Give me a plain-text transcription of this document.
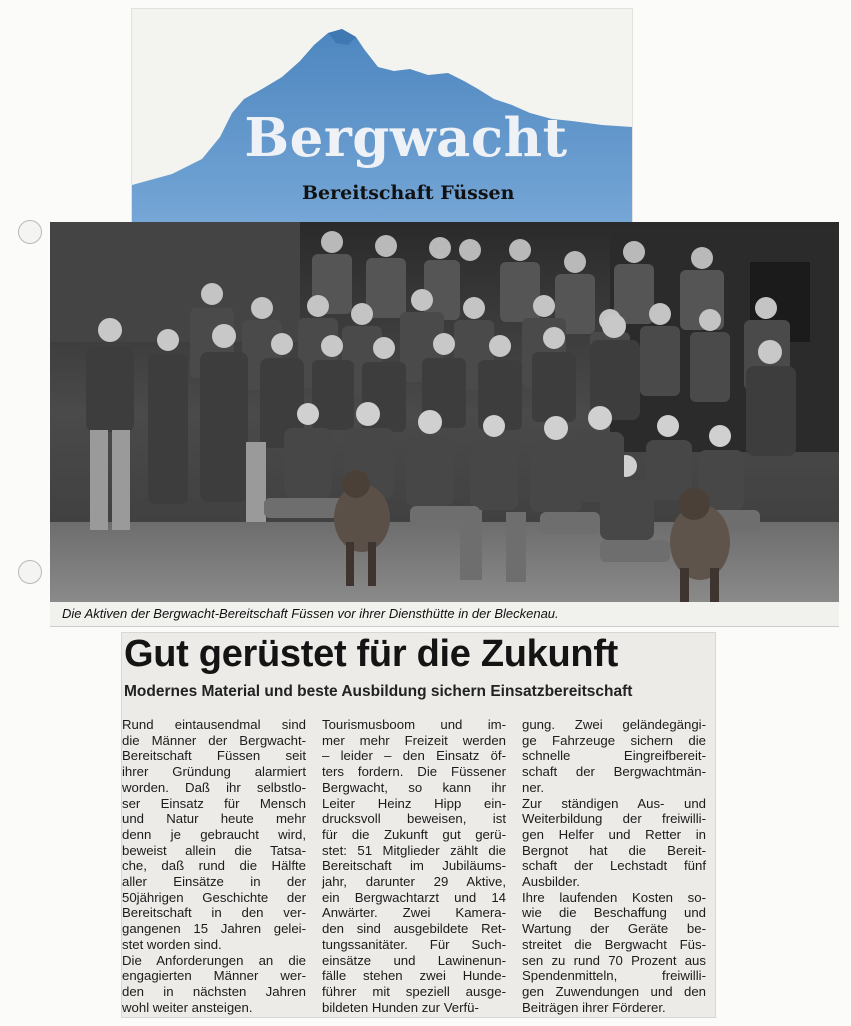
Bergwacht
Bereitschaft Füssen
Die Aktiven der Bergwacht-Bereitschaft Füssen vor ihrer Diensthütte in der Bleckenau.
Gut gerüstet für die Zukunft
Modernes Material und beste Ausbildung sichern Einsatzbereitschaft

Rund eintausendmal sind
die Männer der Bergwacht-
Bereitschaft Füssen seit
ihrer Gründung alarmiert
worden. Daß ihr selbstlo-
ser Einsatz für Mensch
und Natur heute mehr
denn je gebraucht wird,
beweist allein die Tatsa-
che, daß rund die Hälfte
aller Einsätze in der
50jährigen Geschichte der
Bereitschaft in den ver-
gangenen 15 Jahren gelei-
stet worden sind.

Die Anforderungen an die
engagierten Männer wer-
den in nächsten Jahren
wohl weiter ansteigen.

Tourismusboom und im-
mer mehr Freizeit werden
– leider – den Einsatz öf-
ters fordern. Die Füssener
Bergwacht, so kann ihr
Leiter Heinz Hipp ein-
drucksvoll beweisen, ist
für die Zukunft gut gerü-
stet: 51 Mitglieder zählt die
Bereitschaft im Jubiläums-
jahr, darunter 29 Aktive,
ein Bergwachtarzt und 14
Anwärter. Zwei Kamera-
den sind ausgebildete Ret-
tungssanitäter. Für Such-
einsätze und Lawinenun-
fälle stehen zwei Hunde-
führer mit speziell ausge-
bildeten Hunden zur Verfü-

gung. Zwei geländegängi-
ge Fahrzeuge sichern die
schnelle Eingreifbereit-
schaft der Bergwachtmän-
ner.

Zur ständigen Aus- und
Weiterbildung der freiwilli-
gen Helfer und Retter in
Bergnot hat die Bereit-
schaft der Lechstadt fünf
Ausbilder.

Ihre laufenden Kosten so-
wie die Beschaffung und
Wartung der Geräte be-
streitet die Bergwacht Füs-
sen zu rund 70 Prozent aus
Spendenmitteln, freiwilli-
gen Zuwendungen und den
Beiträgen ihrer Förderer.
